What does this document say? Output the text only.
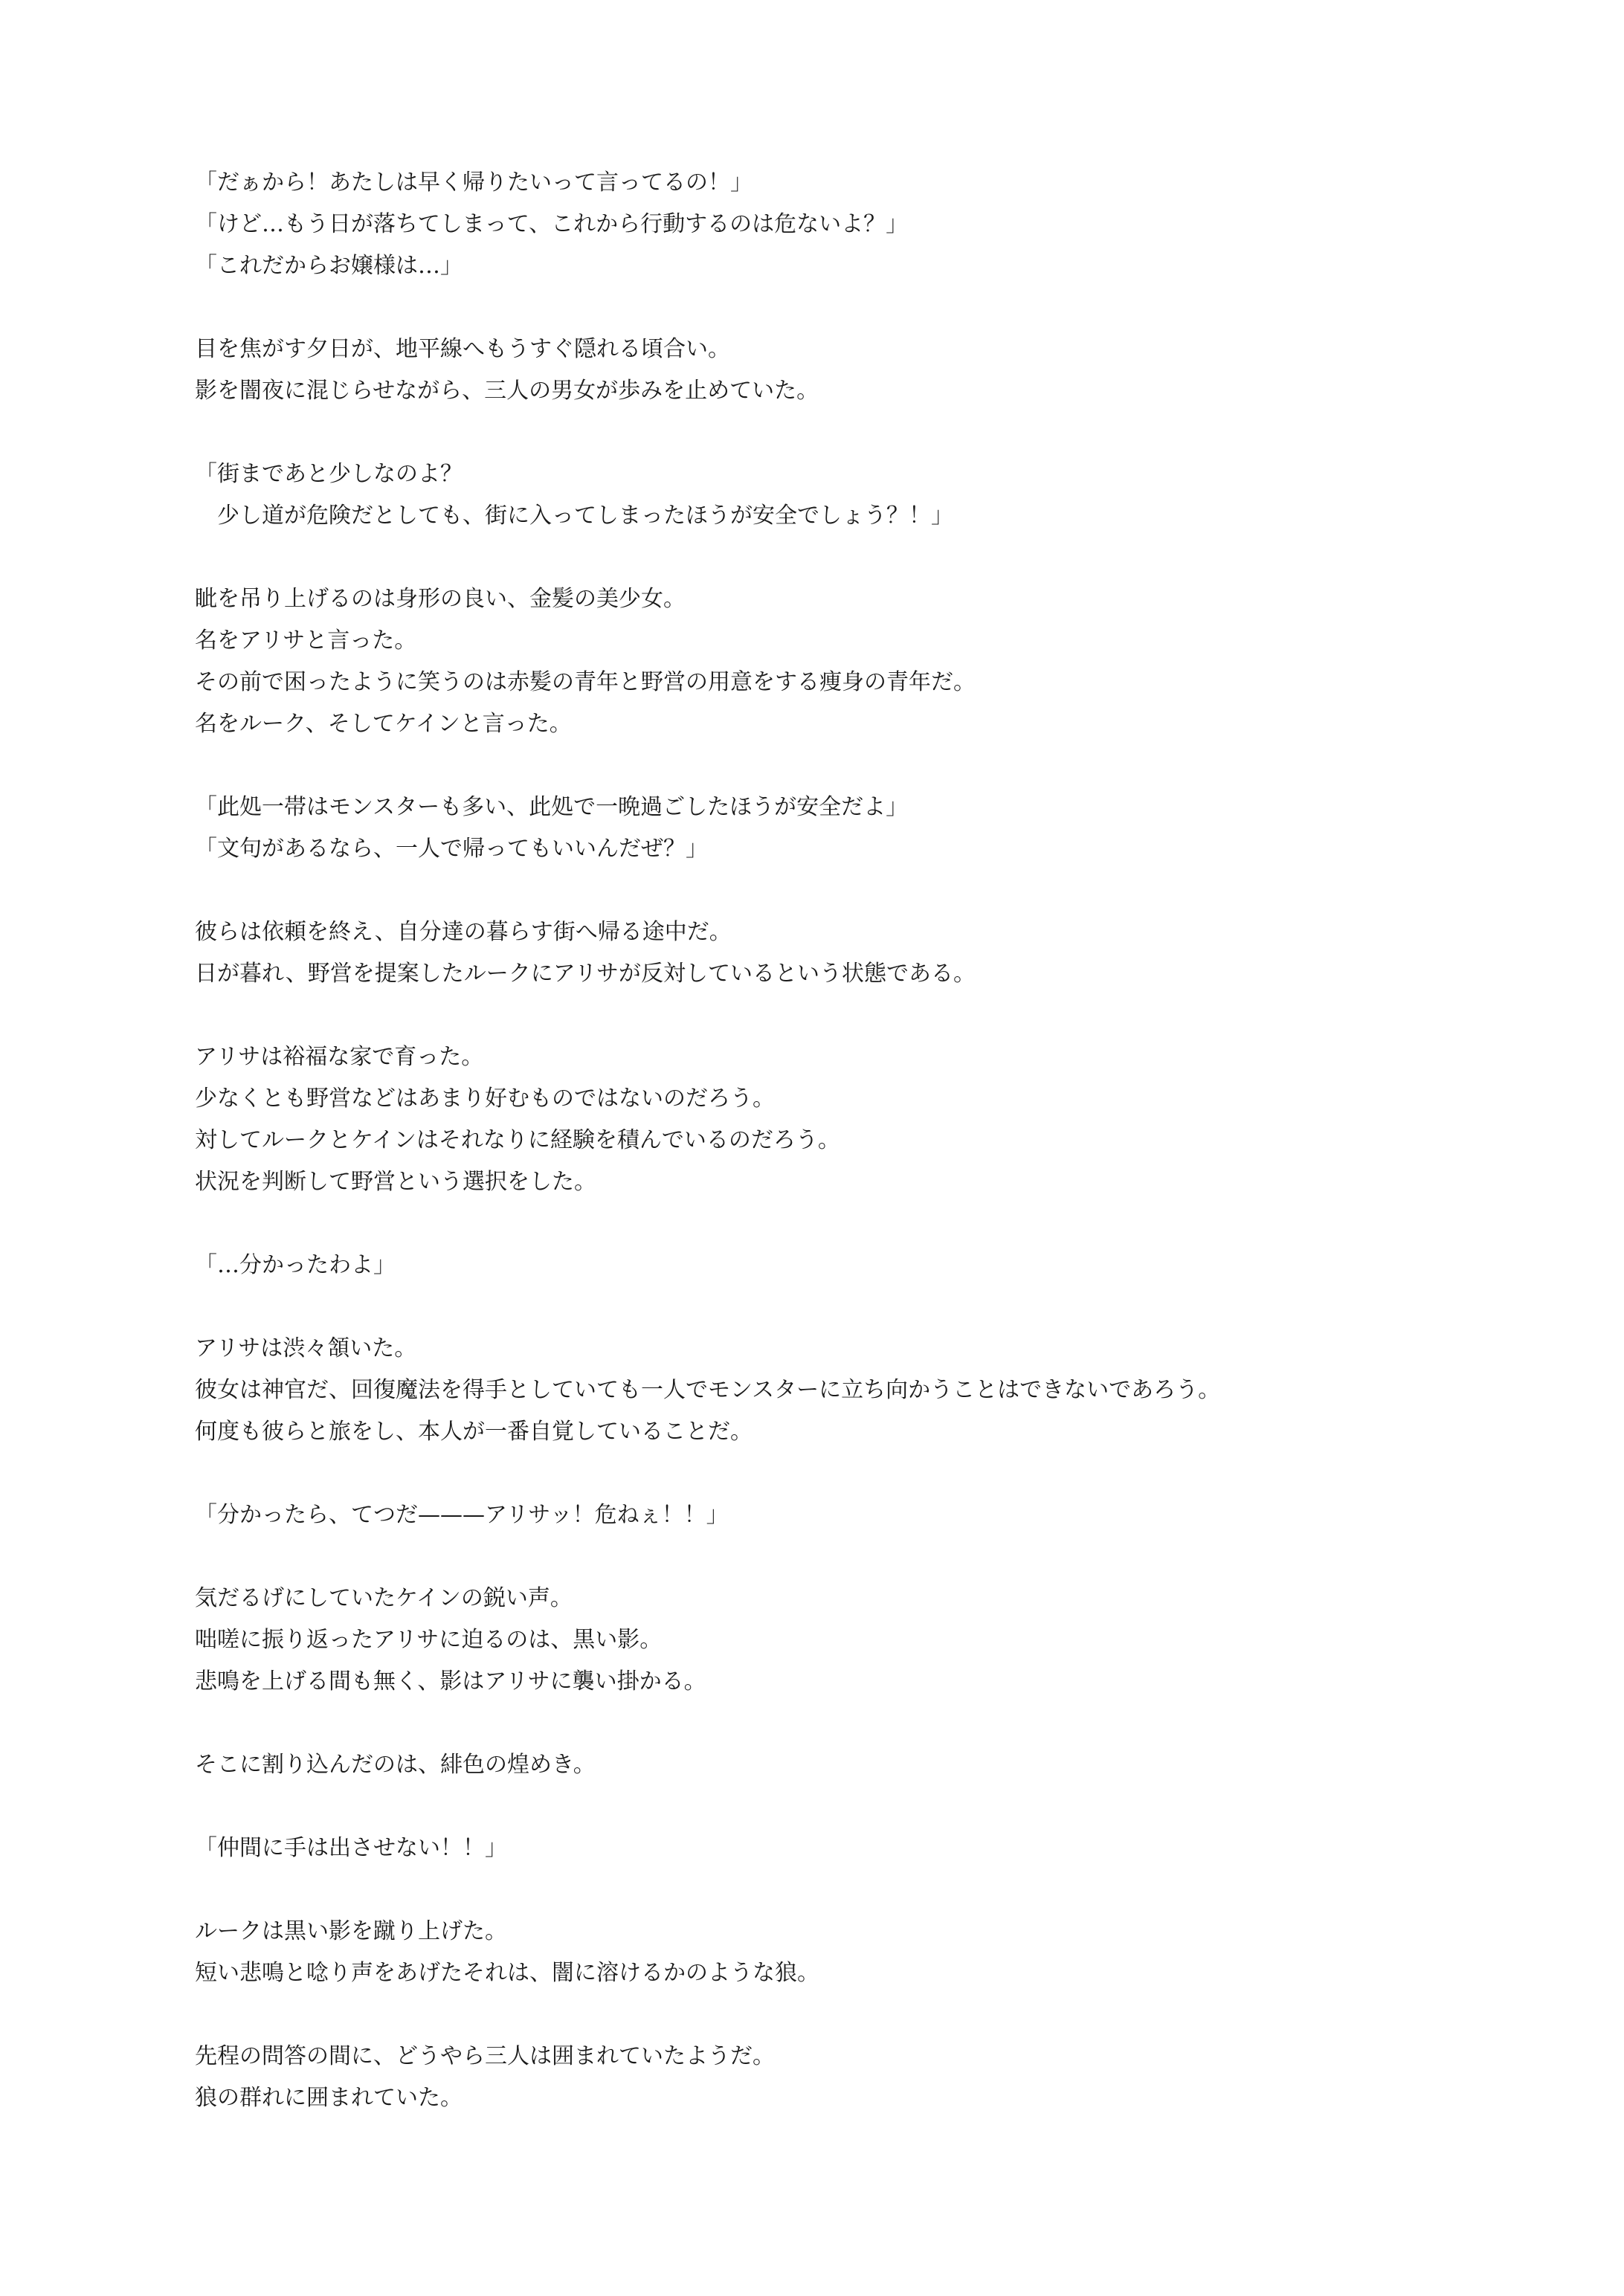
「だぁから！あたしは早く帰りたいって言ってるの！」

「けど…もう日が落ちてしまって、これから行動するのは危ないよ？」

「これだからお嬢様は…」

目を焦がす夕日が、地平線へもうすぐ隠れる頃合い。

影を闇夜に混じらせながら、三人の男女が歩みを止めていた。

「街まであと少しなのよ？

　少し道が危険だとしても、街に入ってしまったほうが安全でしょう？！」

眦を吊り上げるのは身形の良い、金髪の美少女。

名をアリサと言った。

その前で困ったように笑うのは赤髪の青年と野営の用意をする痩身の青年だ。

名をルーク、そしてケインと言った。

「此処一帯はモンスターも多い、此処で一晩過ごしたほうが安全だよ」

「文句があるなら、一人で帰ってもいいんだぜ？」

彼らは依頼を終え、自分達の暮らす街へ帰る途中だ。

日が暮れ、野営を提案したルークにアリサが反対しているという状態である。

アリサは裕福な家で育った。

少なくとも野営などはあまり好むものではないのだろう。

対してルークとケインはそれなりに経験を積んでいるのだろう。

状況を判断して野営という選択をした。

「…分かったわよ」

アリサは渋々頷いた。

彼女は神官だ、回復魔法を得手としていても一人でモンスターに立ち向かうことはできないであろう。

何度も彼らと旅をし、本人が一番自覚していることだ。

「分かったら、てつだ———アリサッ！危ねぇ！！」

気だるげにしていたケインの鋭い声。

咄嗟に振り返ったアリサに迫るのは、黒い影。

悲鳴を上げる間も無く、影はアリサに襲い掛かる。

そこに割り込んだのは、緋色の煌めき。

「仲間に手は出させない！！」

ルークは黒い影を蹴り上げた。

短い悲鳴と唸り声をあげたそれは、闇に溶けるかのような狼。

先程の問答の間に、どうやら三人は囲まれていたようだ。

狼の群れに囲まれていた。
